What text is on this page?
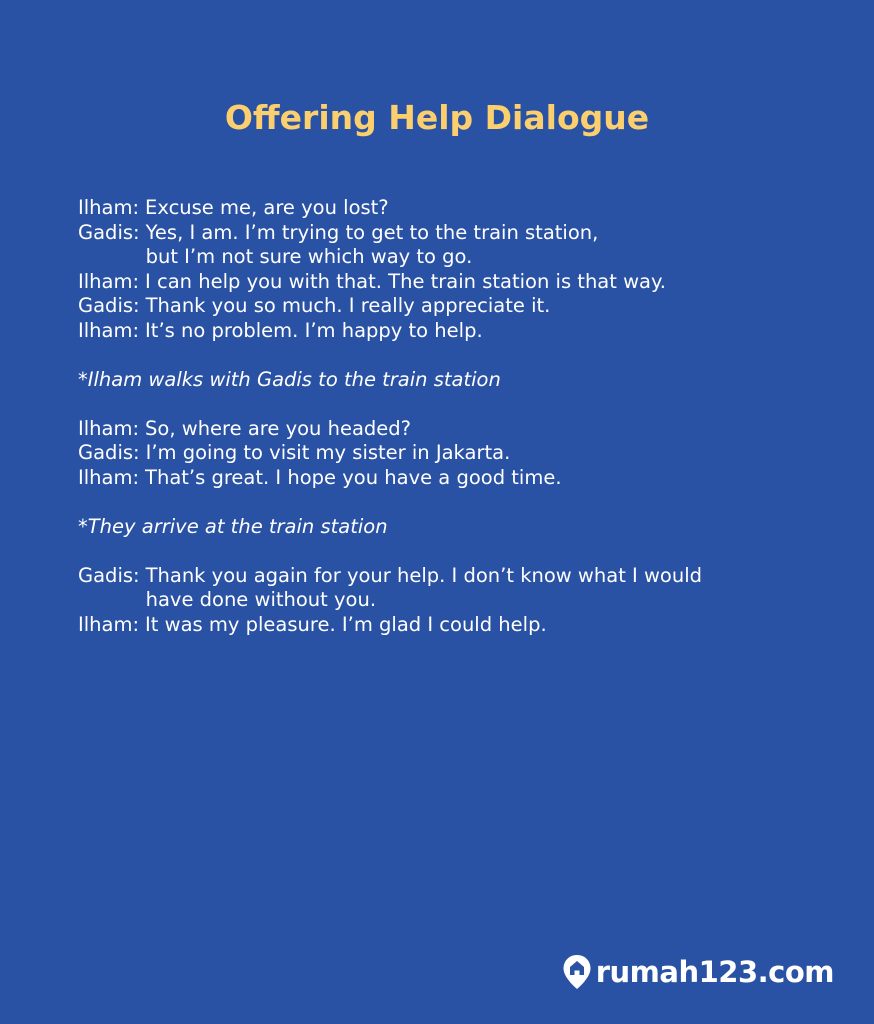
Offering Help Dialogue
Ilham: Excuse me, are you lost?
Gadis: Yes, I am. I’m trying to get to the train station,
but I’m not sure which way to go.
Ilham: I can help you with that. The train station is that way.
Gadis: Thank you so much. I really appreciate it.
Ilham: It’s no problem. I’m happy to help.
*Ilham walks with Gadis to the train station
Ilham: So, where are you headed?
Gadis: I’m going to visit my sister in Jakarta.
Ilham: That’s great. I hope you have a good time.
*They arrive at the train station
Gadis: Thank you again for your help. I don’t know what I would
have done without you.
Ilham: It was my pleasure. I’m glad I could help.
rumah123.com
